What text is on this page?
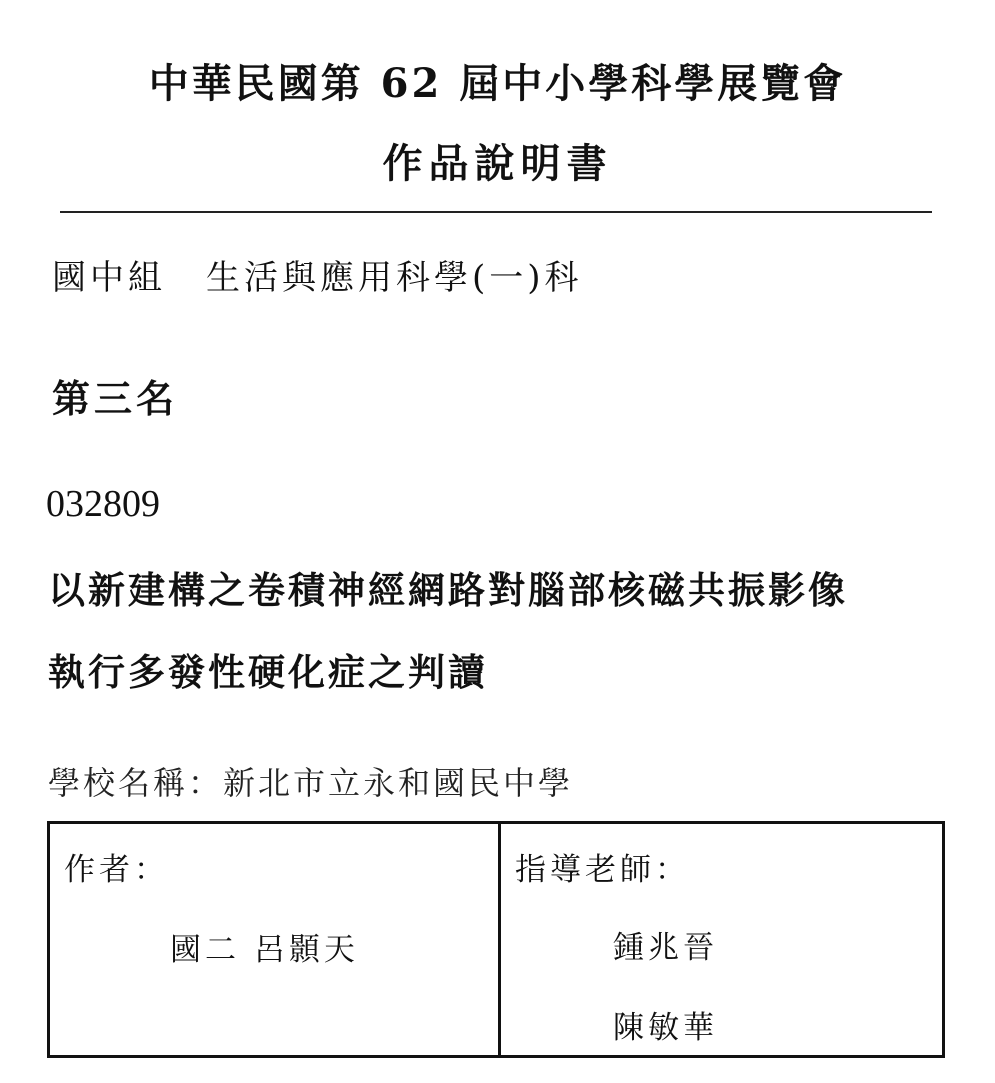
中華民國第 62 屆中小學科學展覽會
作品說明書
國中組 生活與應用科學(一)科
第三名
032809
以新建構之卷積神經網路對腦部核磁共振影像
執行多發性硬化症之判讀
學校名稱：新北市立永和國民中學
作者：
國二 呂顥天
指導老師：
鍾兆晉
陳敏華
